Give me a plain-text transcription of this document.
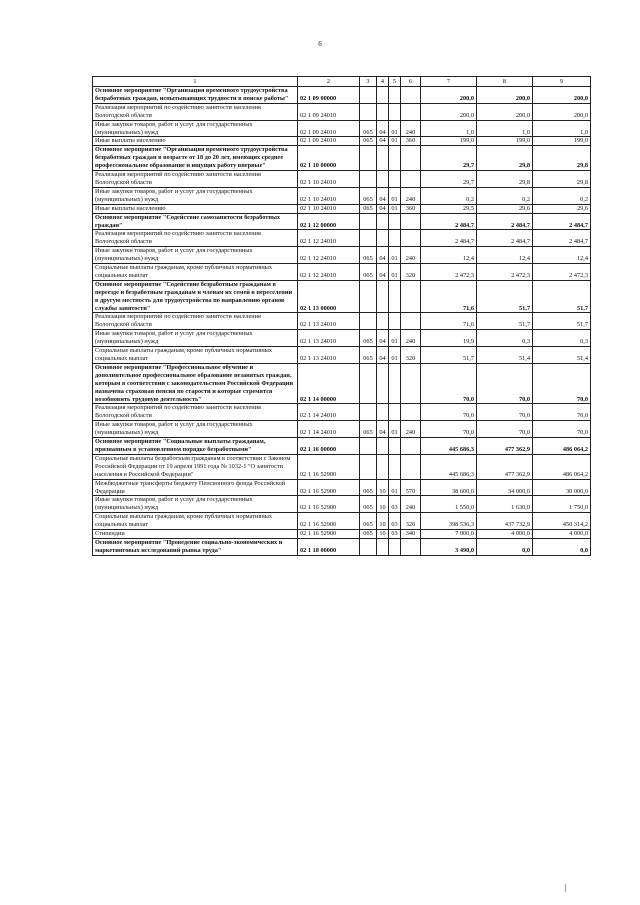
6
1	2	3	4	5	6	7	8	9
Основное мероприятие "Организация временного трудоустройства безработных граждан, испытывающих трудности в поиске работы"	02 1 09 00000					200,0	200,0	200,0
Реализация мероприятий по содействию занятости населения Вологодской области	02 1 09 24010					200,0	200,0	200,0
Иные закупки товаров, работ и услуг для государственных (муниципальных) нужд	02 1 09 24010	065	04	01	240	1,0	1,0	1,0
Иные выплаты населению	02 1 09 24010	065	04	01	360	199,0	199,0	199,0
Основное мероприятие "Организация временного трудоустройства безработных граждан в возрасте от 18 до 20 лет, имеющих среднее профессиональное образование и ищущих работу впервые"	02 1 10 00000					29,7	29,8	29,8
Реализация мероприятий по содействию занятости населения Вологодской области	02 1 10 24010					29,7	29,8	29,8
Иные закупки товаров, работ и услуг для государственных (муниципальных) нужд	02 1 10 24010	065	04	01	240	0,2	0,2	0,2
Иные выплаты населению	02 1 10 24010	065	04	01	360	29,5	29,6	29,6
Основное мероприятие "Содействие самозанятости безработных граждан"	02 1 12 00000					2 484,7	2 484,7	2 484,7
Реализация мероприятий по содействию занятости населения Вологодской области	02 1 12 24010					2 484,7	2 484,7	2 484,7
Иные закупки товаров, работ и услуг для государственных (муниципальных) нужд	02 1 12 24010	065	04	01	240	12,4	12,4	12,4
Социальные выплаты гражданам, кроме публичных нормативных социальных выплат	02 1 12 24010	065	04	01	320	2 472,3	2 472,3	2 472,3
Основное мероприятие "Содействие безработным гражданам в переезде и безработным гражданам и членам их семей в переселении в другую местность для трудоустройства по направлению органов службы занятости"	02 1 13 00000					71,6	51,7	51,7
Реализация мероприятий по содействию занятости населения Вологодской области	02 1 13 24010					71,6	51,7	51,7
Иные закупки товаров, работ и услуг для государственных (муниципальных) нужд	02 1 13 24010	065	04	01	240	19,9	0,3	0,3
Социальные выплаты гражданам, кроме публичных нормативных социальных выплат	02 1 13 24010	065	04	01	320	51,7	51,4	51,4
Основное мероприятие "Профессиональное обучение и дополнительное профессиональное образование незанятых граждан, которым в соответствии с законодательством Российской Федерации назначена страховая пенсия по старости и которые стремятся возобновить трудовую деятельность"	02 1 14 00000					70,0	70,0	70,0
Реализация мероприятий по содействию занятости населения Вологодской области	02 1 14 24010					70,0	70,0	70,0
Иные закупки товаров, работ и услуг для государственных (муниципальных) нужд	02 1 14 24010	065	04	01	240	70,0	70,0	70,0
Основное мероприятие "Социальные выплаты гражданам, признанным в установленном порядке безработными"	02 1 16 00000					445 686,3	477 362,9	486 064,2
Социальные выплаты безработным гражданам в соответствии с Законом Российской Федерации от 19 апреля 1991 года № 1032-1 "О занятости населения в Российской Федерации"	02 1 16 52900					445 686,3	477 362,9	486 064,2
Межбюджетные трансферты бюджету Пенсионного фонда Российской Федерации	02 1 16 52900	065	10	01	570	38 600,0	34 000,0	30 000,0
Иные закупки товаров, работ и услуг для государственных (муниципальных) нужд	02 1 16 52900	065	10	03	240	1 550,0	1 630,0	1 750,0
Социальные выплаты гражданам, кроме публичных нормативных социальных выплат	02 1 16 52900	065	10	03	320	398 536,3	437 732,9	450 314,2
Стипендии	02 1 16 52900	065	10	03	340	7 000,0	4 000,0	4 000,0
Основное мероприятие "Проведение социально-экономических и маркетинговых исследований рынка труда"	02 1 18 00000					3 490,0	0,0	0,0
